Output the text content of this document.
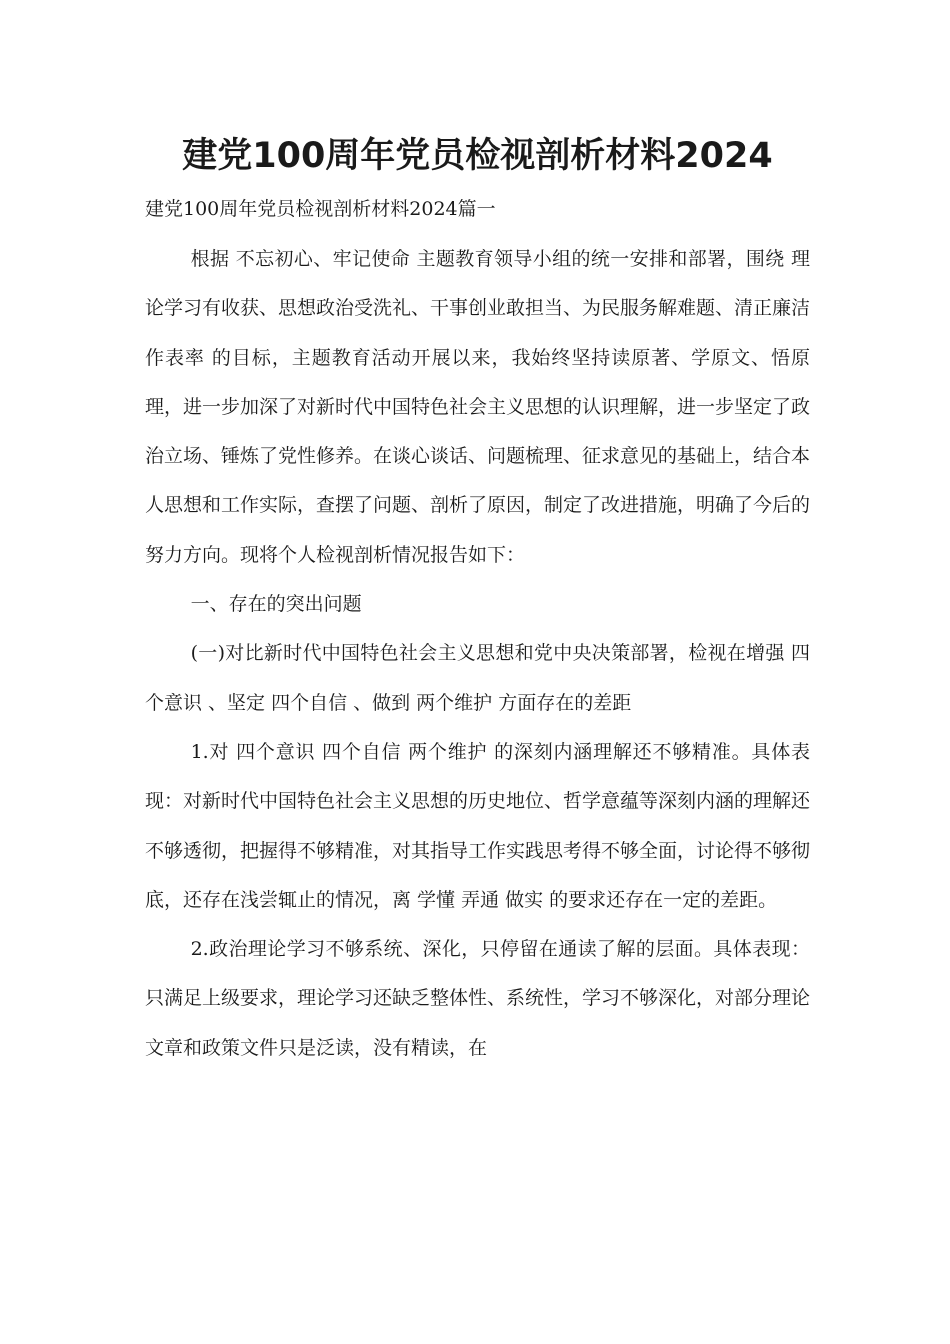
建党100周年党员检视剖析材料2024
建党100周年党员检视剖析材料2024篇一

根据 不忘初心、牢记使命 主题教育领导小组的统一安排和部署，围绕 理论学习有收获、思想政治受洗礼、干事创业敢担当、为民服务解难题、清正廉洁作表率 的目标，主题教育活动开展以来，我始终坚持读原著、学原文、悟原理，进一步加深了对新时代中国特色社会主义思想的认识理解，进一步坚定了政治立场、锤炼了党性修养。在谈心谈话、问题梳理、征求意见的基础上，结合本人思想和工作实际，查摆了问题、剖析了原因，制定了改进措施，明确了今后的努力方向。现将个人检视剖析情况报告如下：

一、存在的突出问题

(一)对比新时代中国特色社会主义思想和党中央决策部署，检视在增强 四个意识 、坚定 四个自信 、做到 两个维护 方面存在的差距

1.对 四个意识 四个自信 两个维护 的深刻内涵理解还不够精准。具体表现：对新时代中国特色社会主义思想的历史地位、哲学意蕴等深刻内涵的理解还不够透彻，把握得不够精准，对其指导工作实践思考得不够全面，讨论得不够彻底，还存在浅尝辄止的情况，离 学懂 弄通 做实 的要求还存在一定的差距。

2.政治理论学习不够系统、深化，只停留在通读了解的层面。具体表现：只满足上级要求，理论学习还缺乏整体性、系统性，学习不够深化，对部分理论文章和政策文件只是泛读，没有精读，在
